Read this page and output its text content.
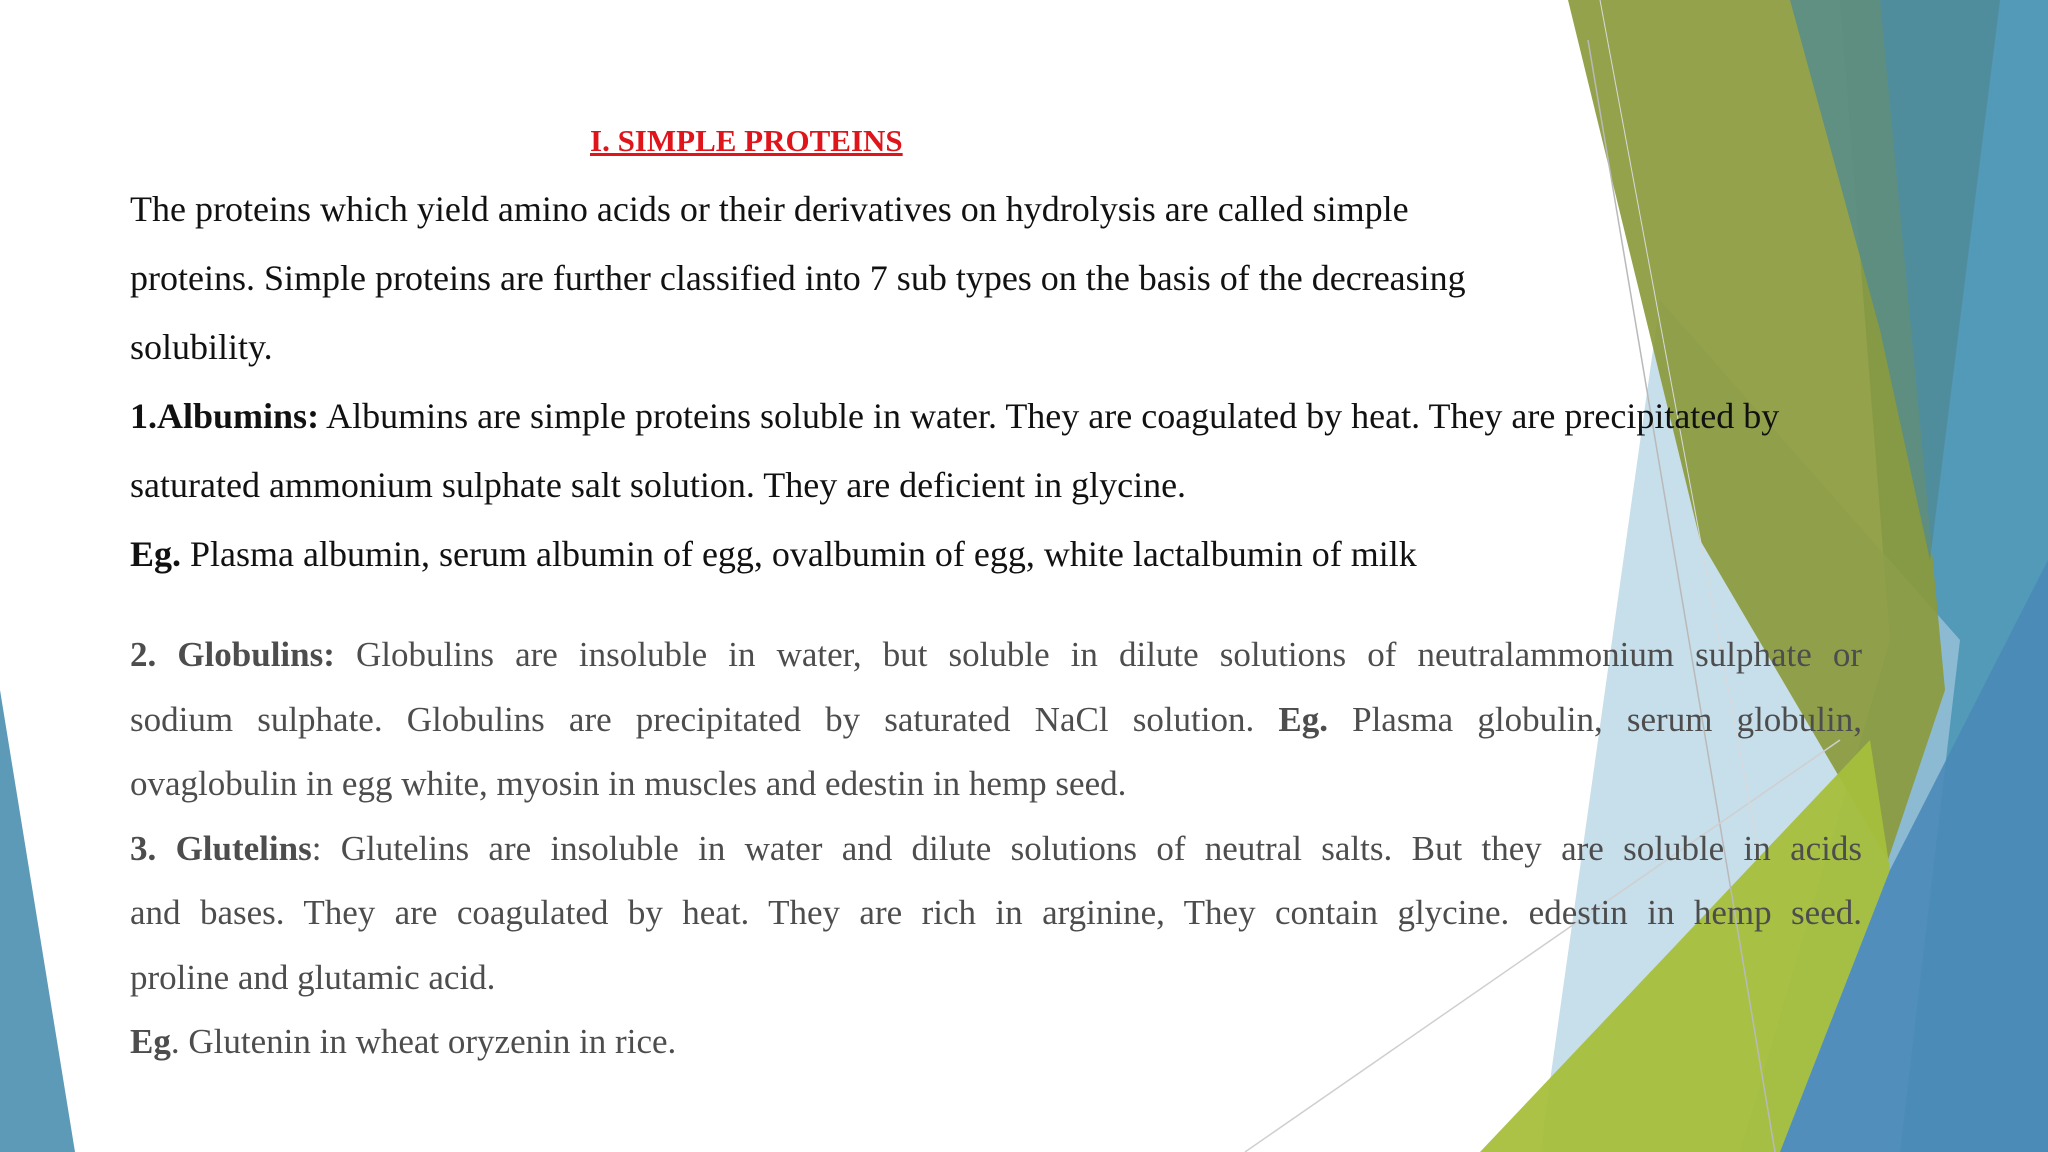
I. SIMPLE PROTEINS
The proteins which yield amino acids or their derivatives on hydrolysis are called simple
proteins. Simple proteins are further classified into 7 sub types on the basis of the decreasing
solubility.
1.Albumins: Albumins are simple proteins soluble in water. They are coagulated by heat. They are precipitated by
saturated ammonium sulphate salt solution. They are deficient in glycine.
Eg. Plasma albumin, serum albumin of egg, ovalbumin of egg, white lactalbumin of milk
2. Globulins: Globulins are insoluble in water, but soluble in dilute solutions of neutralammonium sulphate or
sodium sulphate. Globulins are precipitated by saturated NaCl solution. Eg. Plasma globulin, serum globulin,
ovaglobulin in egg white, myosin in muscles and edestin in hemp seed.
3. Glutelins: Glutelins are insoluble in water and dilute solutions of neutral salts. But they are soluble in acids
and bases. They are coagulated by heat. They are rich in arginine, They contain glycine. edestin in hemp seed.
proline and glutamic acid.
Eg. Glutenin in wheat oryzenin in rice.
